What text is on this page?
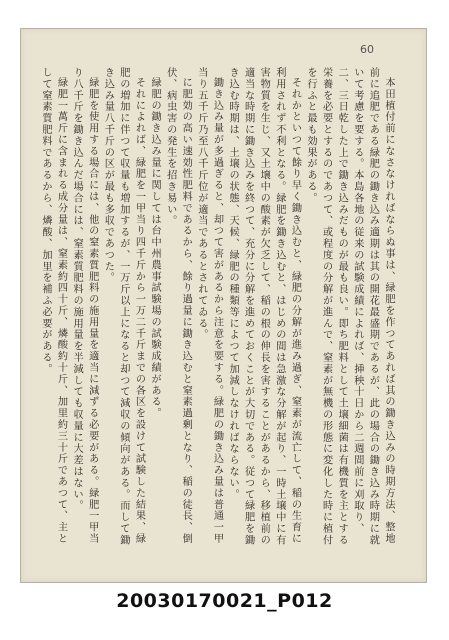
60

本田植付前になさなければならぬ事は、緑肥を作つてあれば其の鋤き込みの時期方法、整地前に追肥である緑肥の鋤き込み適期は其の開花最盛期であるが、此の場合の鋤き込み時期に就いて考慮を要する。本島各地の従来の試験成績によれば、挿秧十日から二週間前に刈取り、二、三日乾した上で鋤き込みだものが最も良い。即ち肥料として土壌細菌は有機質を主とする栄養を必要とするのであつて、或程度の分解が進んで、窒素が無機の形態に変化した時に植付を行ふと最も効果がある。

それかといつて餘り早く鋤き込むと、緑肥の分解が進み過ぎ、窒素が流亡して、稲の生育に利用されず不利となる。緑肥を鋤き込むと、はじめの間は急激な分解が起り、一時土壌中に有害物質を生じ、又土壌中の酸素が欠乏して、稲の根の伸長を害することがあるから、移植前の適当な時期に鋤き込みを終つて、充分に分解を進めておくことが大切である。従つて緑肥を鋤き込む時期は、土壌の状態、天候、緑肥の種類等によつて加減しなければならない。

鋤き込み量が多過ぎると、却つて害があるから注意を要する。緑肥の鋤き込み量は普通一甲当り五千斤乃至八千斤位が適当であるとされてゐる。

に肥効の高い速効性肥料であるから、餘り過量に鋤き込むと窒素過剰となり、稲の徒長、倒伏、病虫害の発生を招き易い。

緑肥の鋤き込み量に関しては台中州農事試験場の試験成績がある。

それによれば、緑肥を一甲当り四千斤から一万二千斤までの各区を設けて試験した結果、緑肥の増加に伴つて収量も増加するが、一万斤以上になると却つて減収の傾向がある。而して鋤き込み量八千斤の区が最も多収であつた。

緑肥を使用する場合には、他の窒素質肥料の施用量を適当に減ずる必要がある。緑肥一甲当り八千斤を鋤き込んだ場合には、窒素質肥料の施用量を半減しても収量に大差はない。

緑肥一萬斤に含まれる成分量は、窒素約四十斤、燐酸約十斤、加里約三十斤であつて、主として窒素質肥料であるから、燐酸、加里を補ふ必要がある。

20030170021_P012
